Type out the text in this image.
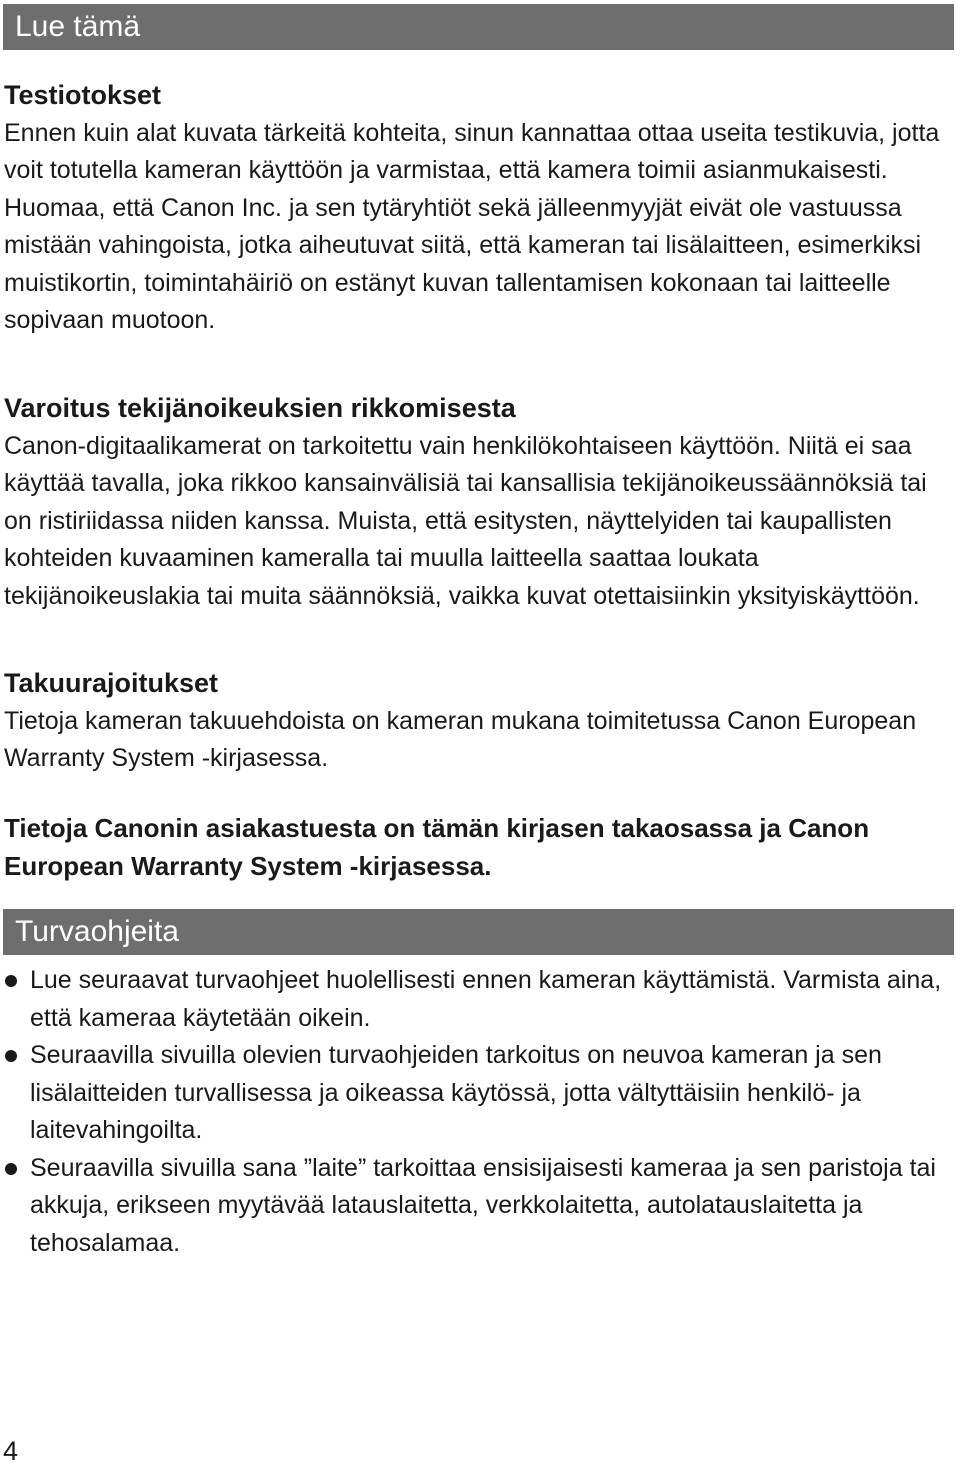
Lue tämä

Testiotokset

Ennen kuin alat kuvata tärkeitä kohteita, sinun kannattaa ottaa useita testikuvia, jotta voit totutella kameran käyttöön ja varmistaa, että kamera toimii asianmukaisesti.

Huomaa, että Canon Inc. ja sen tytäryhtiöt sekä jälleenmyyjät eivät ole vastuussa mistään vahingoista, jotka aiheutuvat siitä, että kameran tai lisälaitteen, esimerkiksi muistikortin, toimintahäiriö on estänyt kuvan tallentamisen kokonaan tai laitteelle sopivaan muotoon.

Varoitus tekijänoikeuksien rikkomisesta

Canon-digitaalikamerat on tarkoitettu vain henkilökohtaiseen käyttöön. Niitä ei saa käyttää tavalla, joka rikkoo kansainvälisiä tai kansallisia tekijänoikeussäännöksiä tai on ristiriidassa niiden kanssa. Muista, että esitysten, näyttelyiden tai kaupallisten kohteiden kuvaaminen kameralla tai muulla laitteella saattaa loukata tekijänoikeuslakia tai muita säännöksiä, vaikka kuvat otettaisiinkin yksityiskäyttöön.

Takuurajoitukset

Tietoja kameran takuuehdoista on kameran mukana toimitetussa Canon European Warranty System -kirjasessa.

Tietoja Canonin asiakastuesta on tämän kirjasen takaosassa ja Canon European Warranty System -kirjasessa.

Turvaohjeita
Lue seuraavat turvaohjeet huolellisesti ennen kameran käyttämistä. Varmista aina, että kameraa käytetään oikein.
Seuraavilla sivuilla olevien turvaohjeiden tarkoitus on neuvoa kameran ja sen lisälaitteiden turvallisessa ja oikeassa käytössä, jotta vältyttäisiin henkilö- ja laitevahingoilta.
Seuraavilla sivuilla sana ”laite” tarkoittaa ensisijaisesti kameraa ja sen paristoja tai akkuja, erikseen myytävää latauslaitetta, verkkolaitetta, autolatauslaitetta ja tehosalamaa.
4
